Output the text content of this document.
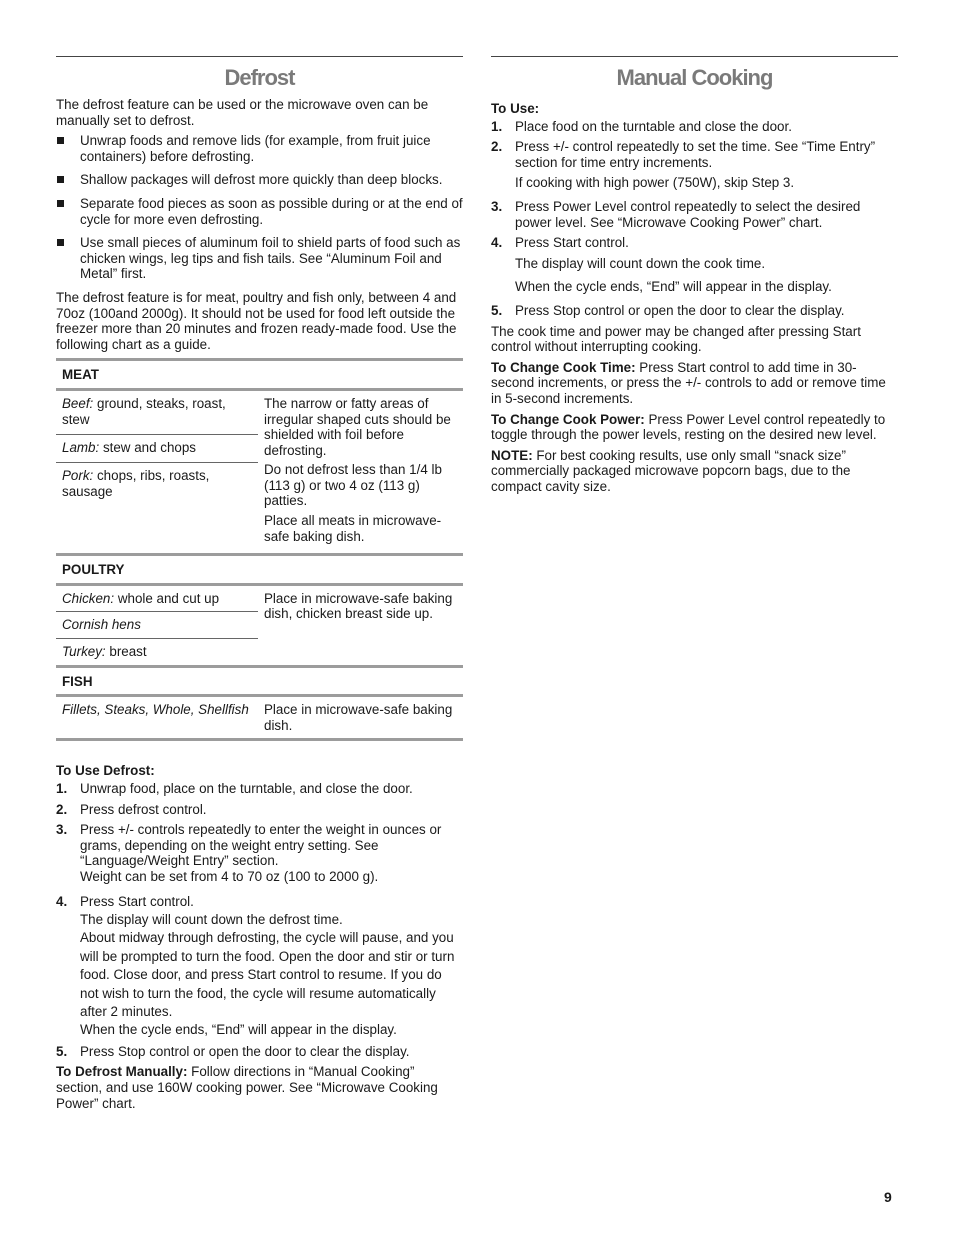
Defrost

The defrost feature can be used or the microwave oven can be manually set to defrost.

Unwrap foods and remove lids (for example, from fruit juice containers) before defrosting.
Shallow packages will defrost more quickly than deep blocks.
Separate food pieces as soon as possible during or at the end of cycle for more even defrosting.
Use small pieces of aluminum foil to shield parts of food such as chicken wings, leg tips and fish tails. See “Aluminum Foil and Metal” first.

The defrost feature is for meat, poultry and fish only, between 4 and 70oz (100and 2000g). It should not be used for food left outside the freezer more than 20 minutes and frozen ready-made food. Use the following chart as a guide.

MEAT	
Beef: ground, steaks, roast, stew	The narrow or fatty areas of irregular shaped cuts should be shielded with foil before defrosting.

Do not defrost less than 1/4 lb (113 g) or two 4 oz (113 g) patties.

Place all meats in microwave-safe baking dish.

Lamb: stew and chops	
Pork: chops, ribs, roasts, sausage	
POULTRY	
Chicken: whole and cut up	Place in microwave-safe baking dish, chicken breast side up.

Cornish hens	
Turkey: breast	
FISH	
Fillets, Steaks, Whole, Shellfish	Place in microwave-safe baking dish.
To Use Defrost:
1. Unwrap food, place on the turntable, and close the door.
2. Press defrost control.
3. Press +/- controls repeatedly to enter the weight in ounces or grams, depending on the weight entry setting. See “Language/Weight Entry” section.
Weight can be set from 4 to 70 oz (100 to 2000 g).
4. Press Start control.
The display will count down the defrost time.
About midway through defrosting, the cycle will pause, and you will be prompted to turn the food. Open the door and stir or turn food. Close door, and press Start control to resume. If you do not wish to turn the food, the cycle will resume automatically after 2 minutes.
When the cycle ends, “End” will appear in the display.
5. Press Stop control or open the door to clear the display.

To Defrost Manually: Follow directions in “Manual Cooking” section, and use 160W cooking power. See “Microwave Cooking Power” chart.

Manual Cooking
To Use:
1. Place food on the turntable and close the door.
2. Press +/- control repeatedly to set the time. See “Time Entry” section for time entry increments.
If cooking with high power (750W), skip Step 3.
3. Press Power Level control repeatedly to select the desired power level. See “Microwave Cooking Power” chart.
4. Press Start control.
The display will count down the cook time.
When the cycle ends, “End” will appear in the display.
5. Press Stop control or open the door to clear the display.

The cook time and power may be changed after pressing Start control without interrupting cooking.

To Change Cook Time: Press Start control to add time in 30-second increments, or press the +/- controls to add or remove time in 5-second increments.

To Change Cook Power: Press Power Level control repeatedly to toggle through the power levels, resting on the desired new level.

NOTE: For best cooking results, use only small “snack size” commercially packaged microwave popcorn bags, due to the compact cavity size.

9
